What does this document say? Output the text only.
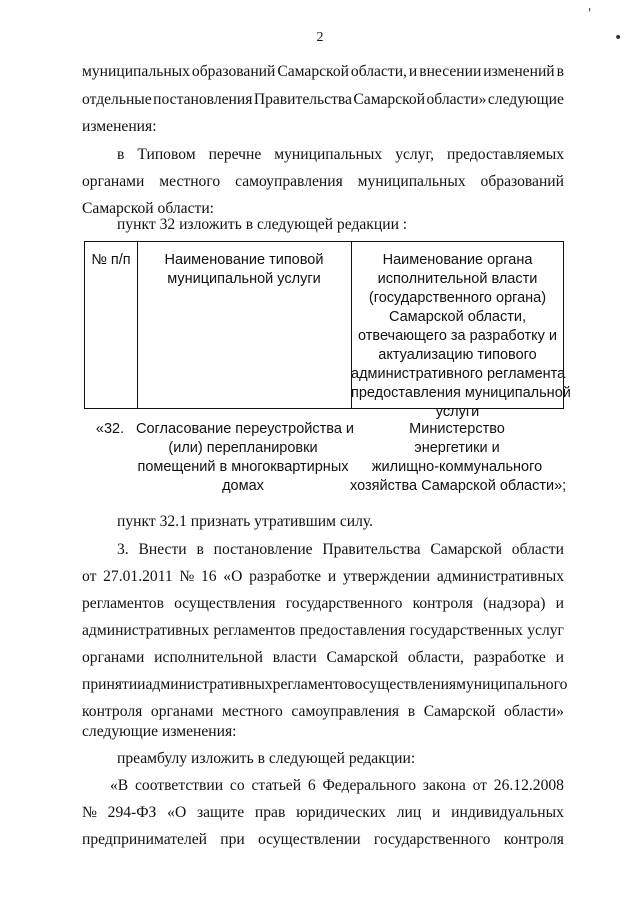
2
'
•
муниципальных образований Самарской области, и внесении изменений в
отдельные постановления Правительства Самарской области» следующие
изменения:
в Типовом перечне муниципальных услуг, предоставляемых
органами местного самоуправления муниципальных образований
Самарской области:
пункт 32 изложить в следующей редакции :
№ п/п	Наименование типовой
муниципальной услуги
Наименование органа
исполнительной власти
(государственного органа)
Самарской области,
отвечающего за разработку и
актуализацию типового
административного регламента
предоставления муниципальной
услуги
«32. Согласование переустройства и
(или) перепланировки
помещений в многоквартирных
домах
Министерство
энергетики и
жилищно-коммунального
хозяйства Самарской области»;
пункт 32.1 признать утратившим силу.
3. Внести в постановление Правительства Самарской области
от 27.01.2011 № 16 «О разработке и утверждении административных
регламентов осуществления государственного контроля (надзора) и
административных регламентов предоставления государственных услуг
органами исполнительной власти Самарской области, разработке и
принятии административных регламентов осуществления муниципального
контроля органами местного самоуправления в Самарской области»
следующие изменения:
преамбулу изложить в следующей редакции:
«В соответствии со статьей 6 Федерального закона от 26.12.2008
№ 294-ФЗ «О защите прав юридических лиц и индивидуальных
предпринимателей при осуществлении государственного контроля
